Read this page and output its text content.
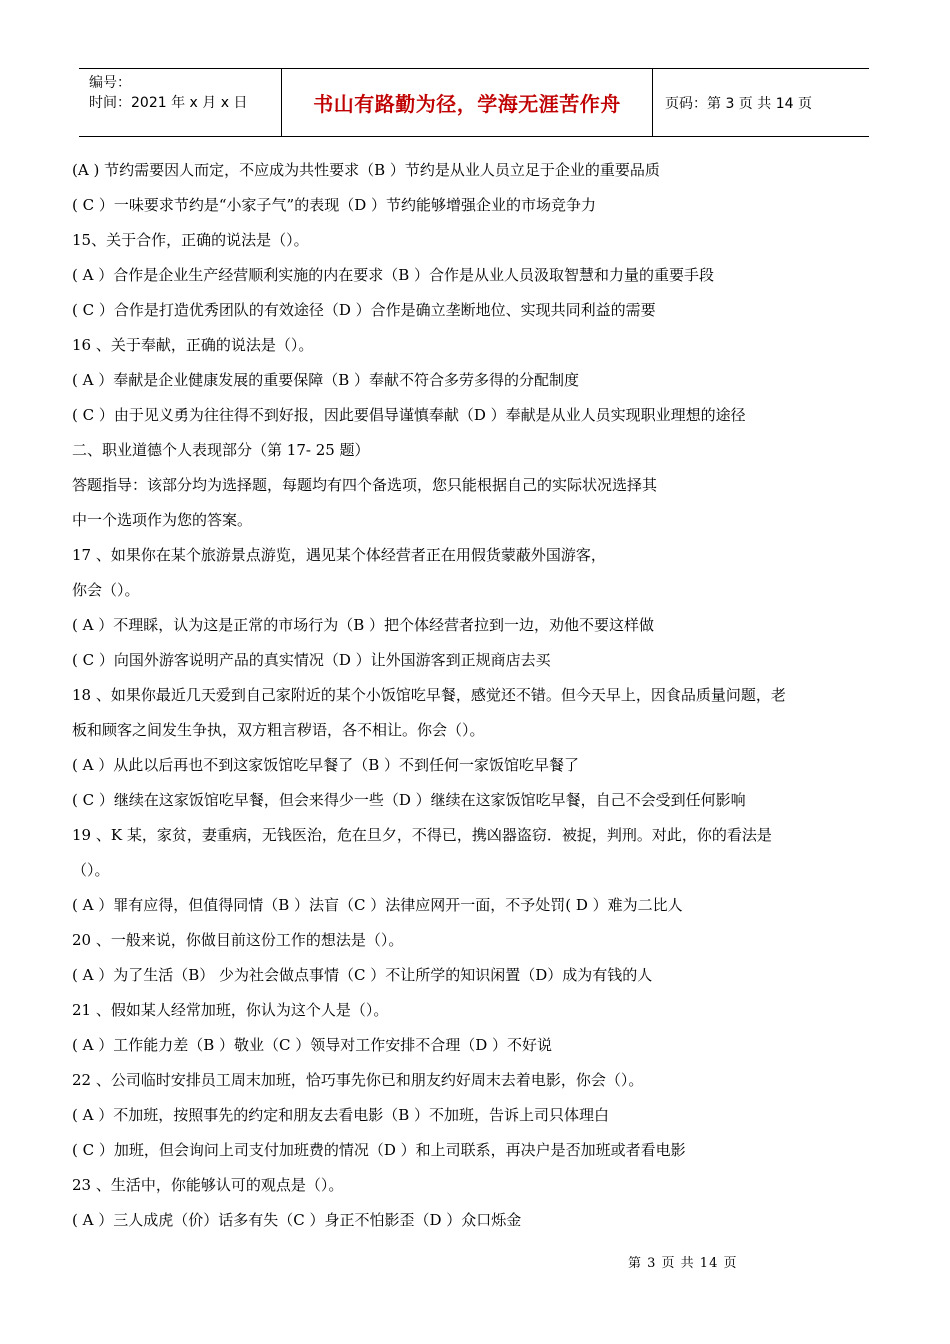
编号：
时间：2021 年 x 月 x 日	书山有路勤为径，学海无涯苦作舟	页码：第 3 页 共 14 页
(A ) 节约需要因人而定，不应成为共性要求（B ）节约是从业人员立足于企业的重要品质
( C ）一味要求节约是“小家子气”的表现（D ）节约能够增强企业的市场竞争力
15、关于合作，正确的说法是（）。
( A ）合作是企业生产经营顺利实施的内在要求（B ）合作是从业人员汲取智慧和力量的重要手段
( C ）合作是打造优秀团队的有效途径（D ）合作是确立垄断地位、实现共同利益的需要
16 、关于奉献，正确的说法是（）。
( A ）奉献是企业健康发展的重要保障（B ）奉献不符合多劳多得的分配制度
( C ）由于见义勇为往往得不到好报，因此要倡导谨慎奉献（D ）奉献是从业人员实现职业理想的途径
二、职业道德个人表现部分（第 17- 25 题）
答题指导：该部分均为选择题，每题均有四个备选项，您只能根据自己的实际状况选择其
中一个选项作为您的答案。
17 、如果你在某个旅游景点游览，遇见某个体经营者正在用假货蒙蔽外国游客，
你会（）。
( A ）不理睬，认为这是正常的市场行为（B ）把个体经营者拉到一边，劝他不要这样做
( C ）向国外游客说明产品的真实情况（D ）让外国游客到正规商店去买
18 、如果你最近几天爱到自己家附近的某个小饭馆吃早餐，感觉还不错。但今天早上，因食品质量问题，老
板和顾客之间发生争执，双方粗言秽语，各不相让。你会（）。
( A ）从此以后再也不到这家饭馆吃早餐了（B ）不到任何一家饭馆吃早餐了
( C ）继续在这家饭馆吃早餐，但会来得少一些（D ）继续在这家饭馆吃早餐，自己不会受到任何影响
19 、K 某，家贫，妻重病，无钱医治，危在旦夕，不得已，携凶器盗窃．被捉，判刑。对此，你的看法是
（）。
( A ）罪有应得，但值得同情（B ）法盲（C ）法律应网开一面，不予处罚( D ）难为二比人
20 、一般来说，你做目前这份工作的想法是（）。
( A ）为了生活（B） 少为社会做点事情（C ）不让所学的知识闲置（D）成为有钱的人
21 、假如某人经常加班，你认为这个人是（）。
( A ）工作能力差（B ）敬业（C ）领导对工作安排不合理（D ）不好说
22 、公司临时安排员工周末加班，恰巧事先你已和朋友约好周末去着电影，你会（）。
( A ）不加班，按照事先的约定和朋友去看电影（B ）不加班，告诉上司只体理白
( C ）加班，但会询问上司支付加班费的情况（D ）和上司联系，再决户是否加班或者看电影
23 、生活中，你能够认可的观点是（）。
( A ）三人成虎（价）话多有失（C ）身正不怕影歪（D ）众口烁金
第 3 页 共 14 页
